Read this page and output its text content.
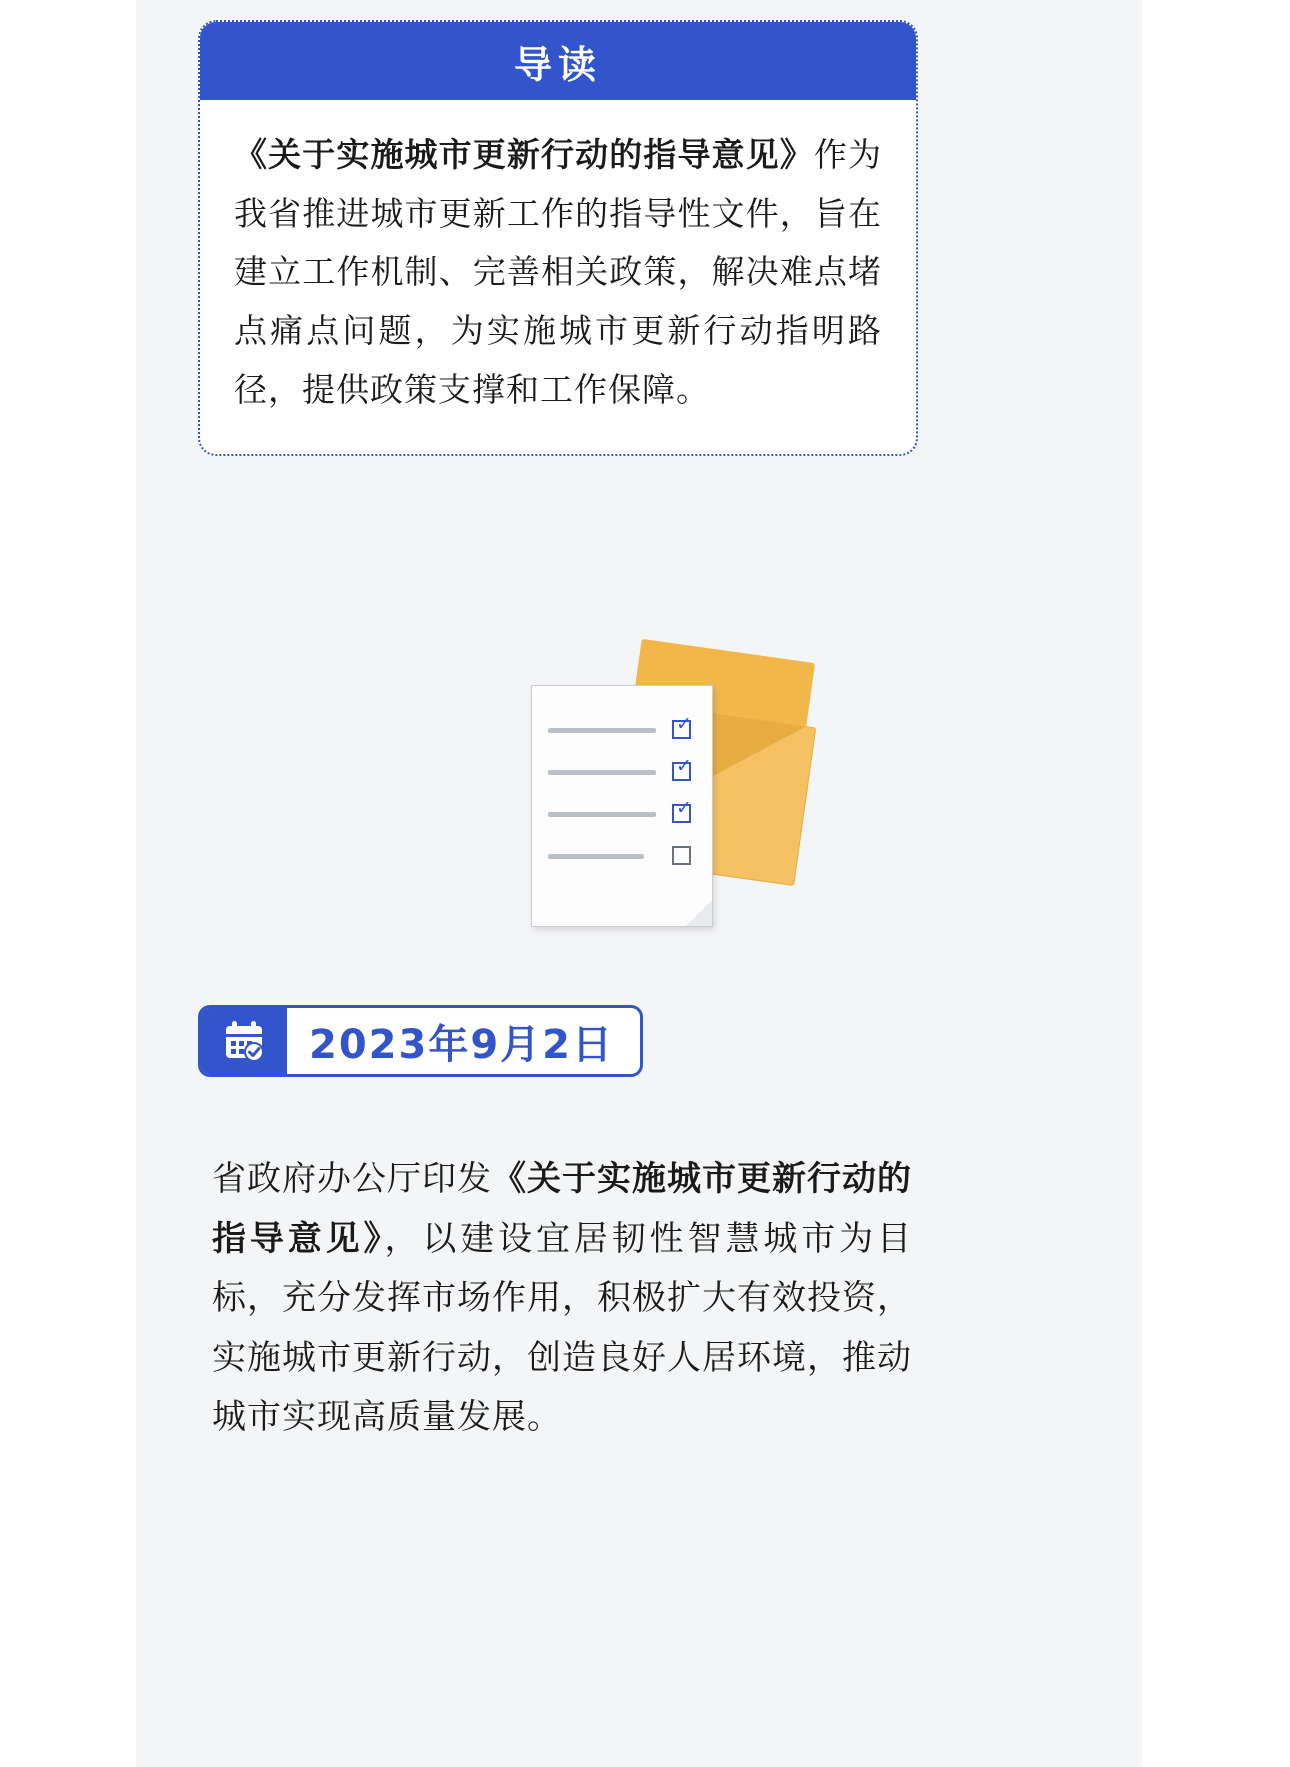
导读

《关于实施城市更新行动的指导意见》作为我省推进城市更新工作的指导性文件，旨在建立工作机制、完善相关政策，解决难点堵点痛点问题，为实施城市更新行动指明路径，提供政策支撑和工作保障。

✓
✓
✓
2023年9月2日

省政府办公厅印发《关于实施城市更新行动的指导意见》，以建设宜居韧性智慧城市为目标，充分发挥市场作用，积极扩大有效投资，实施城市更新行动，创造良好人居环境，推动城市实现高质量发展。
